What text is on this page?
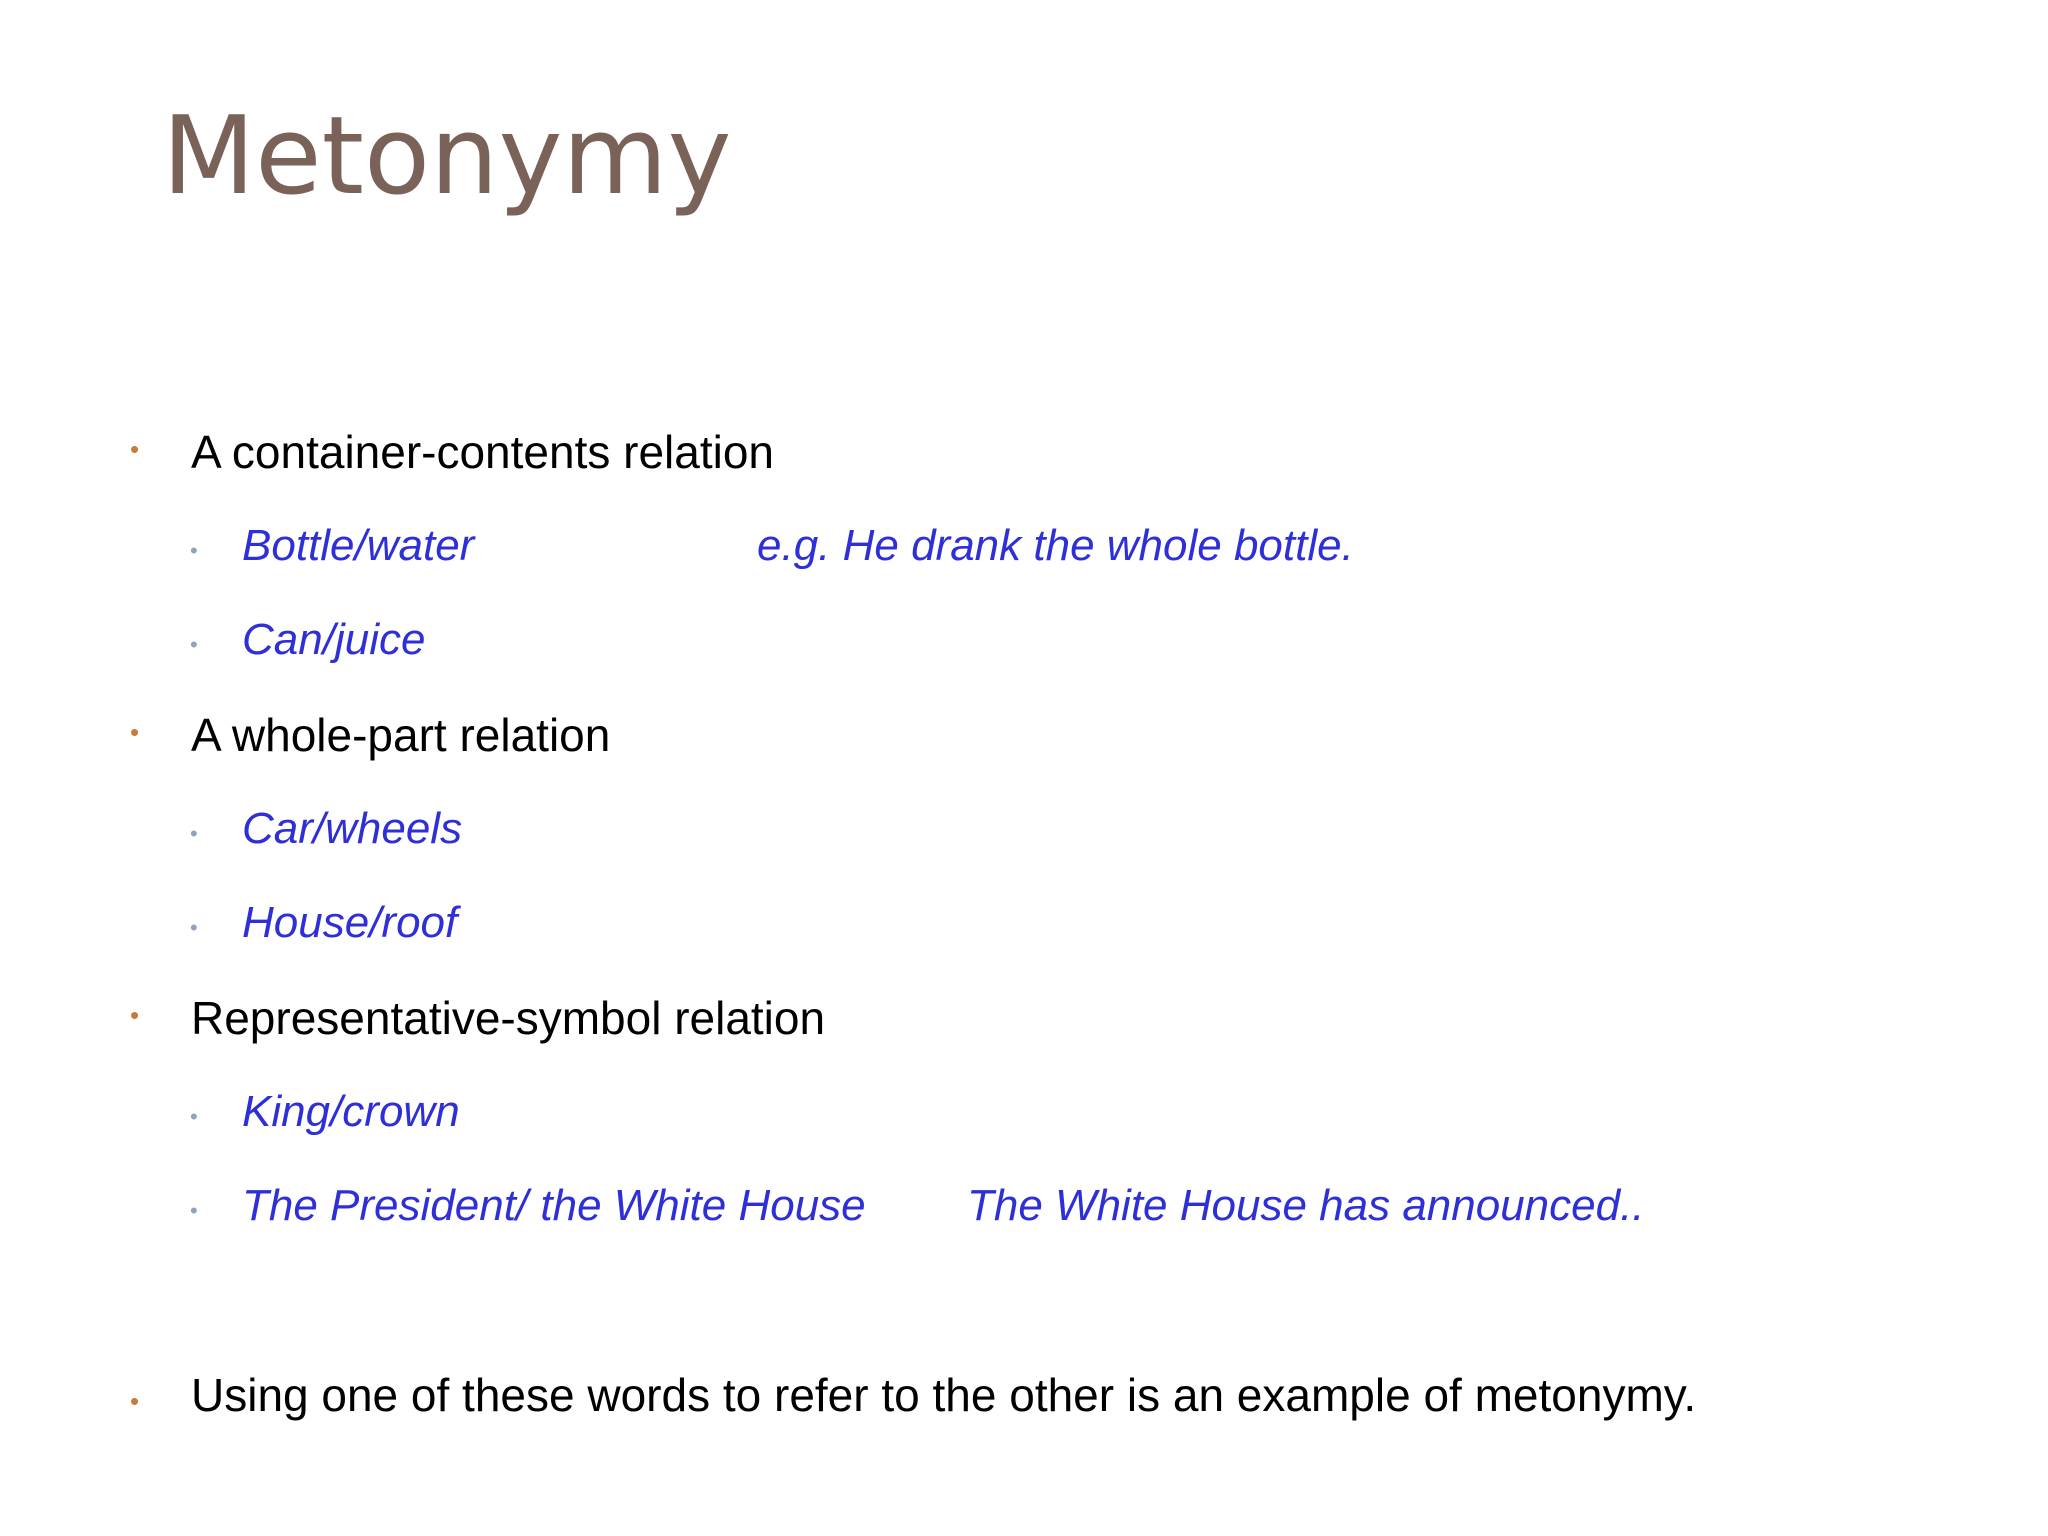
Metonymy
• A container-contents relation
• Bottle/water	e.g. He drank the whole bottle.
• Can/juice
• A whole-part relation
• Car/wheels
• House/roof
• Representative-symbol relation
• King/crown
• The President/ the White House The White House has announced..
• Using one of these words to refer to the other is an example of metonymy.
